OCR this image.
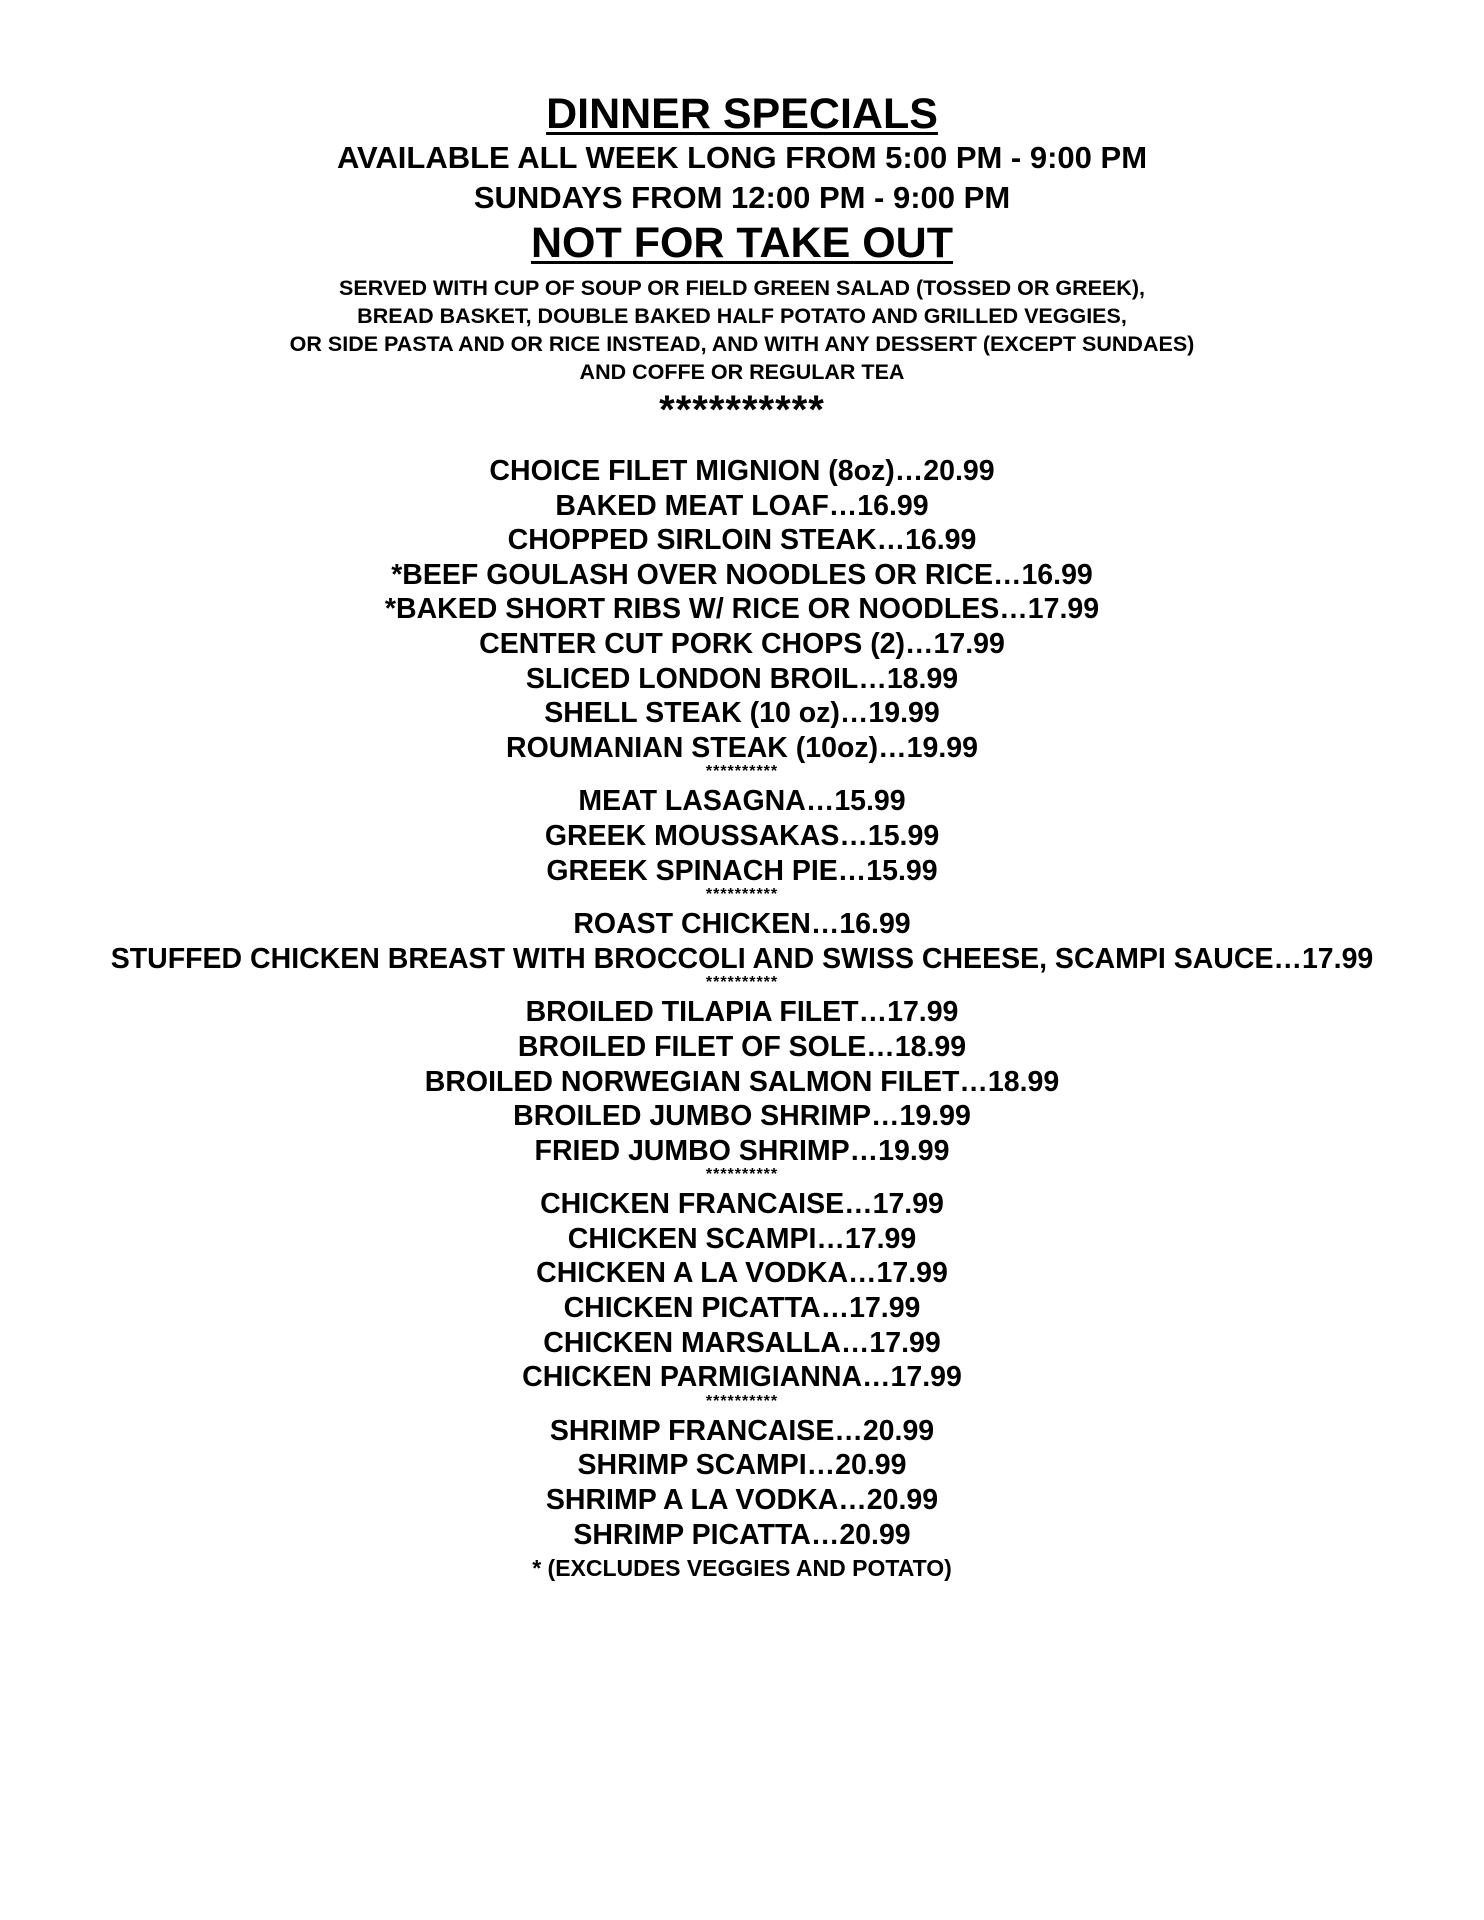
DINNER SPECIALS
AVAILABLE ALL WEEK LONG FROM 5:00 PM - 9:00 PM
SUNDAYS FROM 12:00 PM - 9:00 PM
NOT FOR TAKE OUT
SERVED WITH CUP OF SOUP OR FIELD GREEN SALAD (TOSSED OR GREEK),
BREAD BASKET, DOUBLE BAKED HALF POTATO AND GRILLED VEGGIES,
OR SIDE PASTA AND OR RICE INSTEAD, AND WITH ANY DESSERT (EXCEPT SUNDAES)
AND COFFE OR REGULAR TEA
**********
CHOICE FILET MIGNION (8oz)…20.99
BAKED MEAT LOAF…16.99
CHOPPED SIRLOIN STEAK…16.99
*BEEF GOULASH OVER NOODLES OR RICE…16.99
*BAKED SHORT RIBS W/ RICE OR NOODLES…17.99
CENTER CUT PORK CHOPS (2)…17.99
SLICED LONDON BROIL…18.99
SHELL STEAK (10 oz)…19.99
ROUMANIAN STEAK (10oz)…19.99
**********
MEAT LASAGNA…15.99
GREEK MOUSSAKAS…15.99
GREEK SPINACH PIE…15.99
**********
ROAST CHICKEN…16.99
STUFFED CHICKEN BREAST WITH BROCCOLI AND SWISS CHEESE, SCAMPI SAUCE…17.99
**********
BROILED TILAPIA FILET…17.99
BROILED FILET OF SOLE…18.99
BROILED NORWEGIAN SALMON FILET…18.99
BROILED JUMBO SHRIMP…19.99
FRIED JUMBO SHRIMP…19.99
**********
CHICKEN FRANCAISE…17.99
CHICKEN SCAMPI…17.99
CHICKEN A LA VODKA…17.99
CHICKEN PICATTA…17.99
CHICKEN MARSALLA…17.99
CHICKEN PARMIGIANNA…17.99
**********
SHRIMP FRANCAISE…20.99
SHRIMP SCAMPI…20.99
SHRIMP A LA VODKA…20.99
SHRIMP PICATTA…20.99
* (EXCLUDES VEGGIES AND POTATO)
